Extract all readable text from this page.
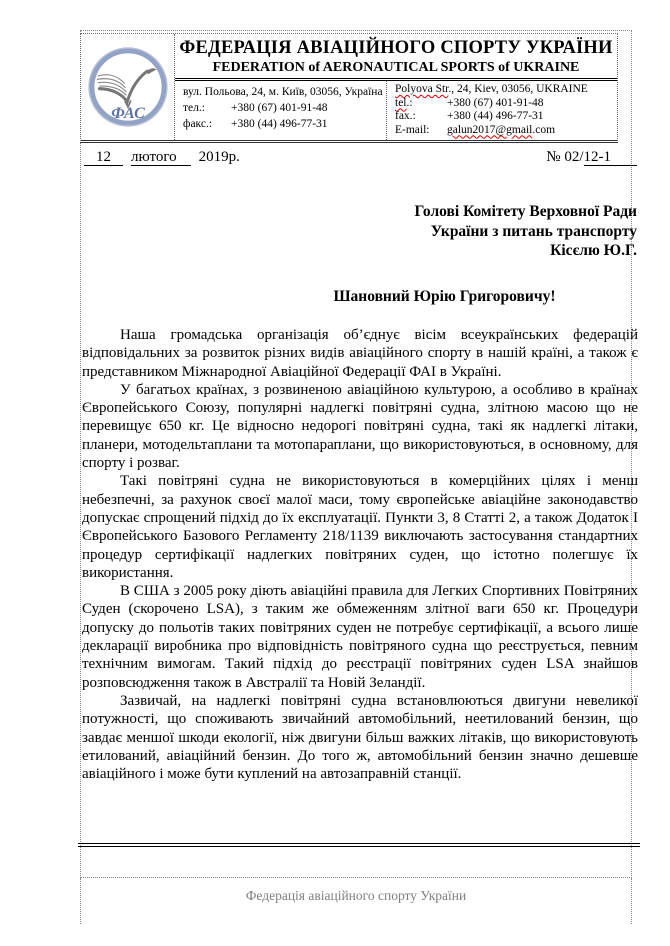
ФАС
ФЕДЕРАЦІЯ АВІАЦІЙНОГО СПОРТУ УКРАЇНИ
FEDERATION of AERONAUTICAL SPORTS of UKRAINE
вул. Польова, 24, м. Київ, 03056, Україна
тел.:	+380 (67) 401-91-48
факс.:	+380 (44) 496-77-31
Polyova Str., 24, Kiev, 03056, UKRAINE
tel.:	+380 (67) 401-91-48
fax.:	+380 (44) 496-77-31
E-mail:	galun2017@gmail.com
12 лютого 2019р.	№ 02/12-1
Голові Комітету Верховної Ради
України з питань транспорту
Кісєлю Ю.Г.
Шановний Юрію Григоровичу!

Наша громадська організація об’єднує вісім всеукраїнських федерацій відповідальних за розвиток різних видів авіаційного спорту в нашій країні, а також є представником Міжнародної Авіаційної Федерації ФАІ в Україні.

У багатьох країнах, з розвиненою авіаційною культурою, а особливо в країнах Європейського Союзу, популярні надлегкі повітряні судна, злітною масою що не перевищує 650 кг. Це відносно недорогі повітряні судна, такі як надлегкі літаки, планери, мотодельтаплани та мотопараплани, що використовуються, в основному, для спорту і розваг.

Такі повітряні судна не використовуються в комерційних цілях і менш небезпечні, за рахунок своєї малої маси, тому європейське авіаційне законодавство допускає спрощений підхід до їх експлуатації. Пункти 3, 8 Статті 2, а також Додаток І Європейського Базового Регламенту 218/1139 виключають застосування стандартних процедур сертифікації надлегких повітряних суден, що істотно полегшує їх використання.

В США з 2005 року діють авіаційні правила для Легких Спортивних Повітряних Суден (скорочено LSA), з таким же обмеженням злітної ваги 650 кг. Процедури допуску до польотів таких повітряних суден не потребує сертифікації, а всього лише декларації виробника про відповідність повітряного судна що реєструється, певним технічним вимогам. Такий підхід до реєстрації повітряних суден LSA знайшов розповсюдження також в Австралії та Новій Зеландії.

Зазвичай, на надлегкі повітряні судна встановлюються двигуни невеликої потужності, що споживають звичайний автомобільний, неетилований бензин, що завдає меншої шкоди екології, ніж двигуни більш важких літаків, що використовують етилований, авіаційний бензин. До того ж, автомобільний бензин значно дешевше авіаційного і може бути куплений на автозаправній станції.

Федерація авіаційного спорту України
